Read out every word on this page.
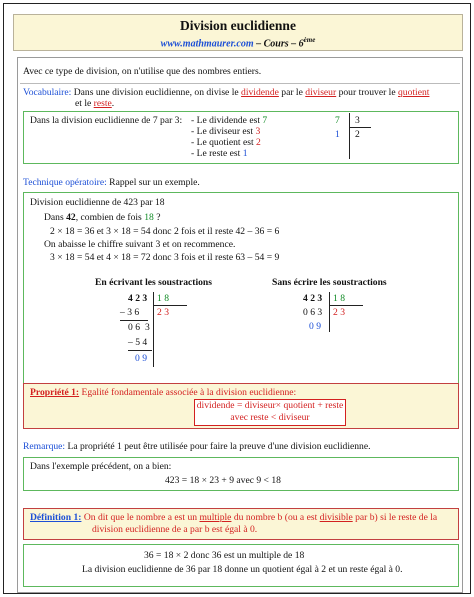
Division euclidienne
www.mathmaurer.com – Cours – 6ème
Avec ce type de division, on n'utilise que des nombres entiers.
Vocabulaire: Dans une division euclidienne, on divise le dividende par le diviseur pour trouver le quotient
et le reste.
Dans la division euclidienne de 7 par 3: - Le dividende est 7
- Le diviseur est 3
- Le quotient est 2
- Le reste est 1
7 3
1 2
Technique opératoire: Rappel sur un exemple.
Division euclidienne de 423 par 18
Dans 42, combien de fois 18 ?
2 × 18 = 36 et 3 × 18 = 54 donc 2 fois et il reste 42 – 36 = 6
On abaisse le chiffre suivant 3 et on recommence.
3 × 18 = 54 et 4 × 18 = 72 donc 3 fois et il reste 63 – 54 = 9
En écrivant les soustractions	Sans écrire les soustractions
4 2 3 1 8
2 3
– 3 6
0 6 3
– 5 4
0 9
4 2 3 1 8
0 6 3 2 3
0 9
Propriété 1: Egalité fondamentale associée à la division euclidienne:
dividende = diviseur× quotient + reste
avec reste < diviseur
Remarque: La propriété 1 peut être utilisée pour faire la preuve d'une division euclidienne.
Dans l'exemple précédent, on a bien:
423 = 18 × 23 + 9 avec 9 < 18
Définition 1: On dit que le nombre a est un multiple du nombre b (ou a est divisible par b) si le reste de la
division euclidienne de a par b est égal à 0.
36 = 18 × 2 donc 36 est un multiple de 18
La division euclidienne de 36 par 18 donne un quotient égal à 2 et un reste égal à 0.
